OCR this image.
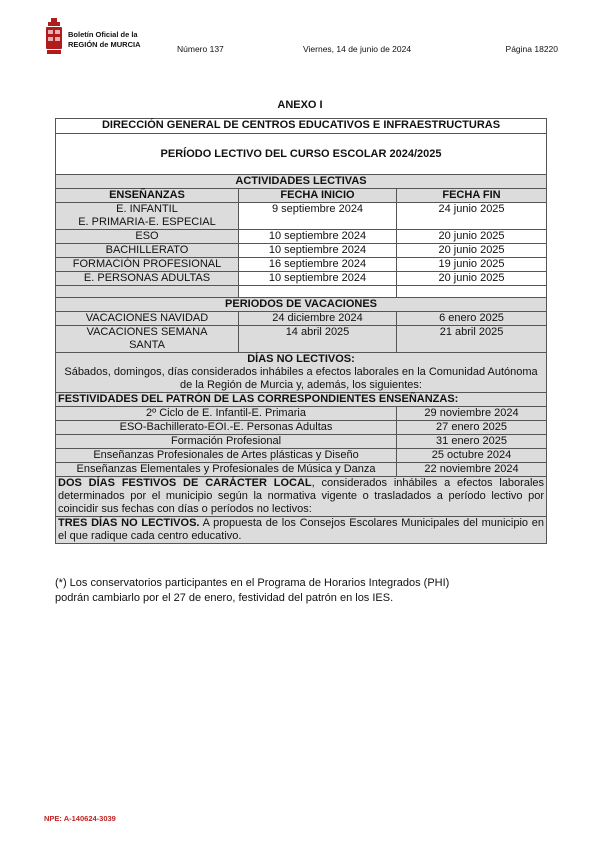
Boletín Oficial de la
REGIÓN de MURCIA	Número 137	Viernes, 14 de junio de 2024	Página 18220
ANEXO I
DIRECCIÓN GENERAL DE CENTROS EDUCATIVOS E INFRAESTRUCTURAS		
PERÍODO LECTIVO DEL CURSO ESCOLAR 2024/2025		
ACTIVIDADES LECTIVAS		
ENSEÑANZAS	FECHA INICIO	FECHA FIN

E. INFANTIL
E. PRIMARIA-E. ESPECIAL	9 septiembre 2024	24 junio 2025
ESO	10 septiembre 2024	20 junio 2025
BACHILLERATO	10 septiembre 2024	20 junio 2025
FORMACIÓN PROFESIONAL	16 septiembre 2024	19 junio 2025
E. PERSONAS ADULTAS	10 septiembre 2024	20 junio 2025

PERIODOS DE VACACIONES		
VACACIONES NAVIDAD	24 diciembre 2024	6 enero 2025

VACACIONES SEMANA
SANTA	14 abril 2025	21 abril 2025

DÍAS NO LECTIVOS:
Sábados, domingos, días considerados inhábiles a efectos laborales en la Comunidad Autónoma de la Región de Murcia y, además, los siguientes:		

FESTIVIDADES DEL PATRÓN DE LAS CORRESPONDIENTES ENSEÑANZAS:		
2º Ciclo de E. Infantil-E. Primaria		29 noviembre 2024
ESO-Bachillerato-EOI.-E. Personas Adultas		27 enero 2025
Formación Profesional		31 enero 2025
Enseñanzas Profesionales de Artes plásticas y Diseño		25 octubre 2024
Enseñanzas Elementales y Profesionales de Música y Danza		22 noviembre 2024
DOS DÍAS FESTIVOS DE CARÁCTER LOCAL, considerados inhábiles a efectos laborales determinados por el municipio según la normativa vigente o trasladados a período lectivo por coincidir sus fechas con días o períodos no lectivos:		
TRES DÍAS NO LECTIVOS. A propuesta de los Consejos Escolares Municipales del municipio en el que radique cada centro educativo.		
(*) Los conservatorios participantes en el Programa de Horarios Integrados (PHI)
podrán cambiarlo por el 27 de enero, festividad del patrón en los IES.
NPE: A-140624-3039
